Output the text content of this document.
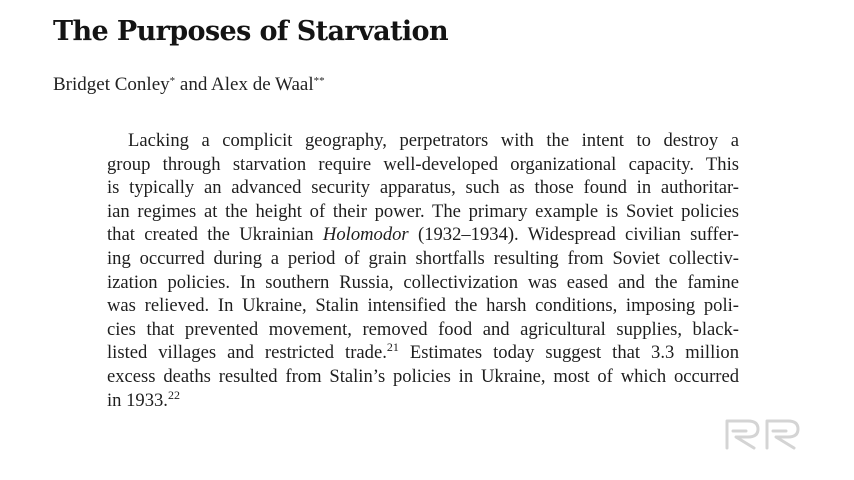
The Purposes of Starvation
Bridget Conley* and Alex de Waal**
Lacking a complicit geography, perpetrators with the intent to destroy a
group through starvation require well-developed organizational capacity. This
is typically an advanced security apparatus, such as those found in authoritar-
ian regimes at the height of their power. The primary example is Soviet policies
that created the Ukrainian Holomodor (1932–1934). Widespread civilian suffer-
ing occurred during a period of grain shortfalls resulting from Soviet collectiv-
ization policies. In southern Russia, collectivization was eased and the famine
was relieved. In Ukraine, Stalin intensified the harsh conditions, imposing poli-
cies that prevented movement, removed food and agricultural supplies, black-
listed villages and restricted trade.$^{21}$ Estimates today suggest that 3.3 million
excess deaths resulted from Stalin’s policies in Ukraine, most of which occurred
in 1933.22
